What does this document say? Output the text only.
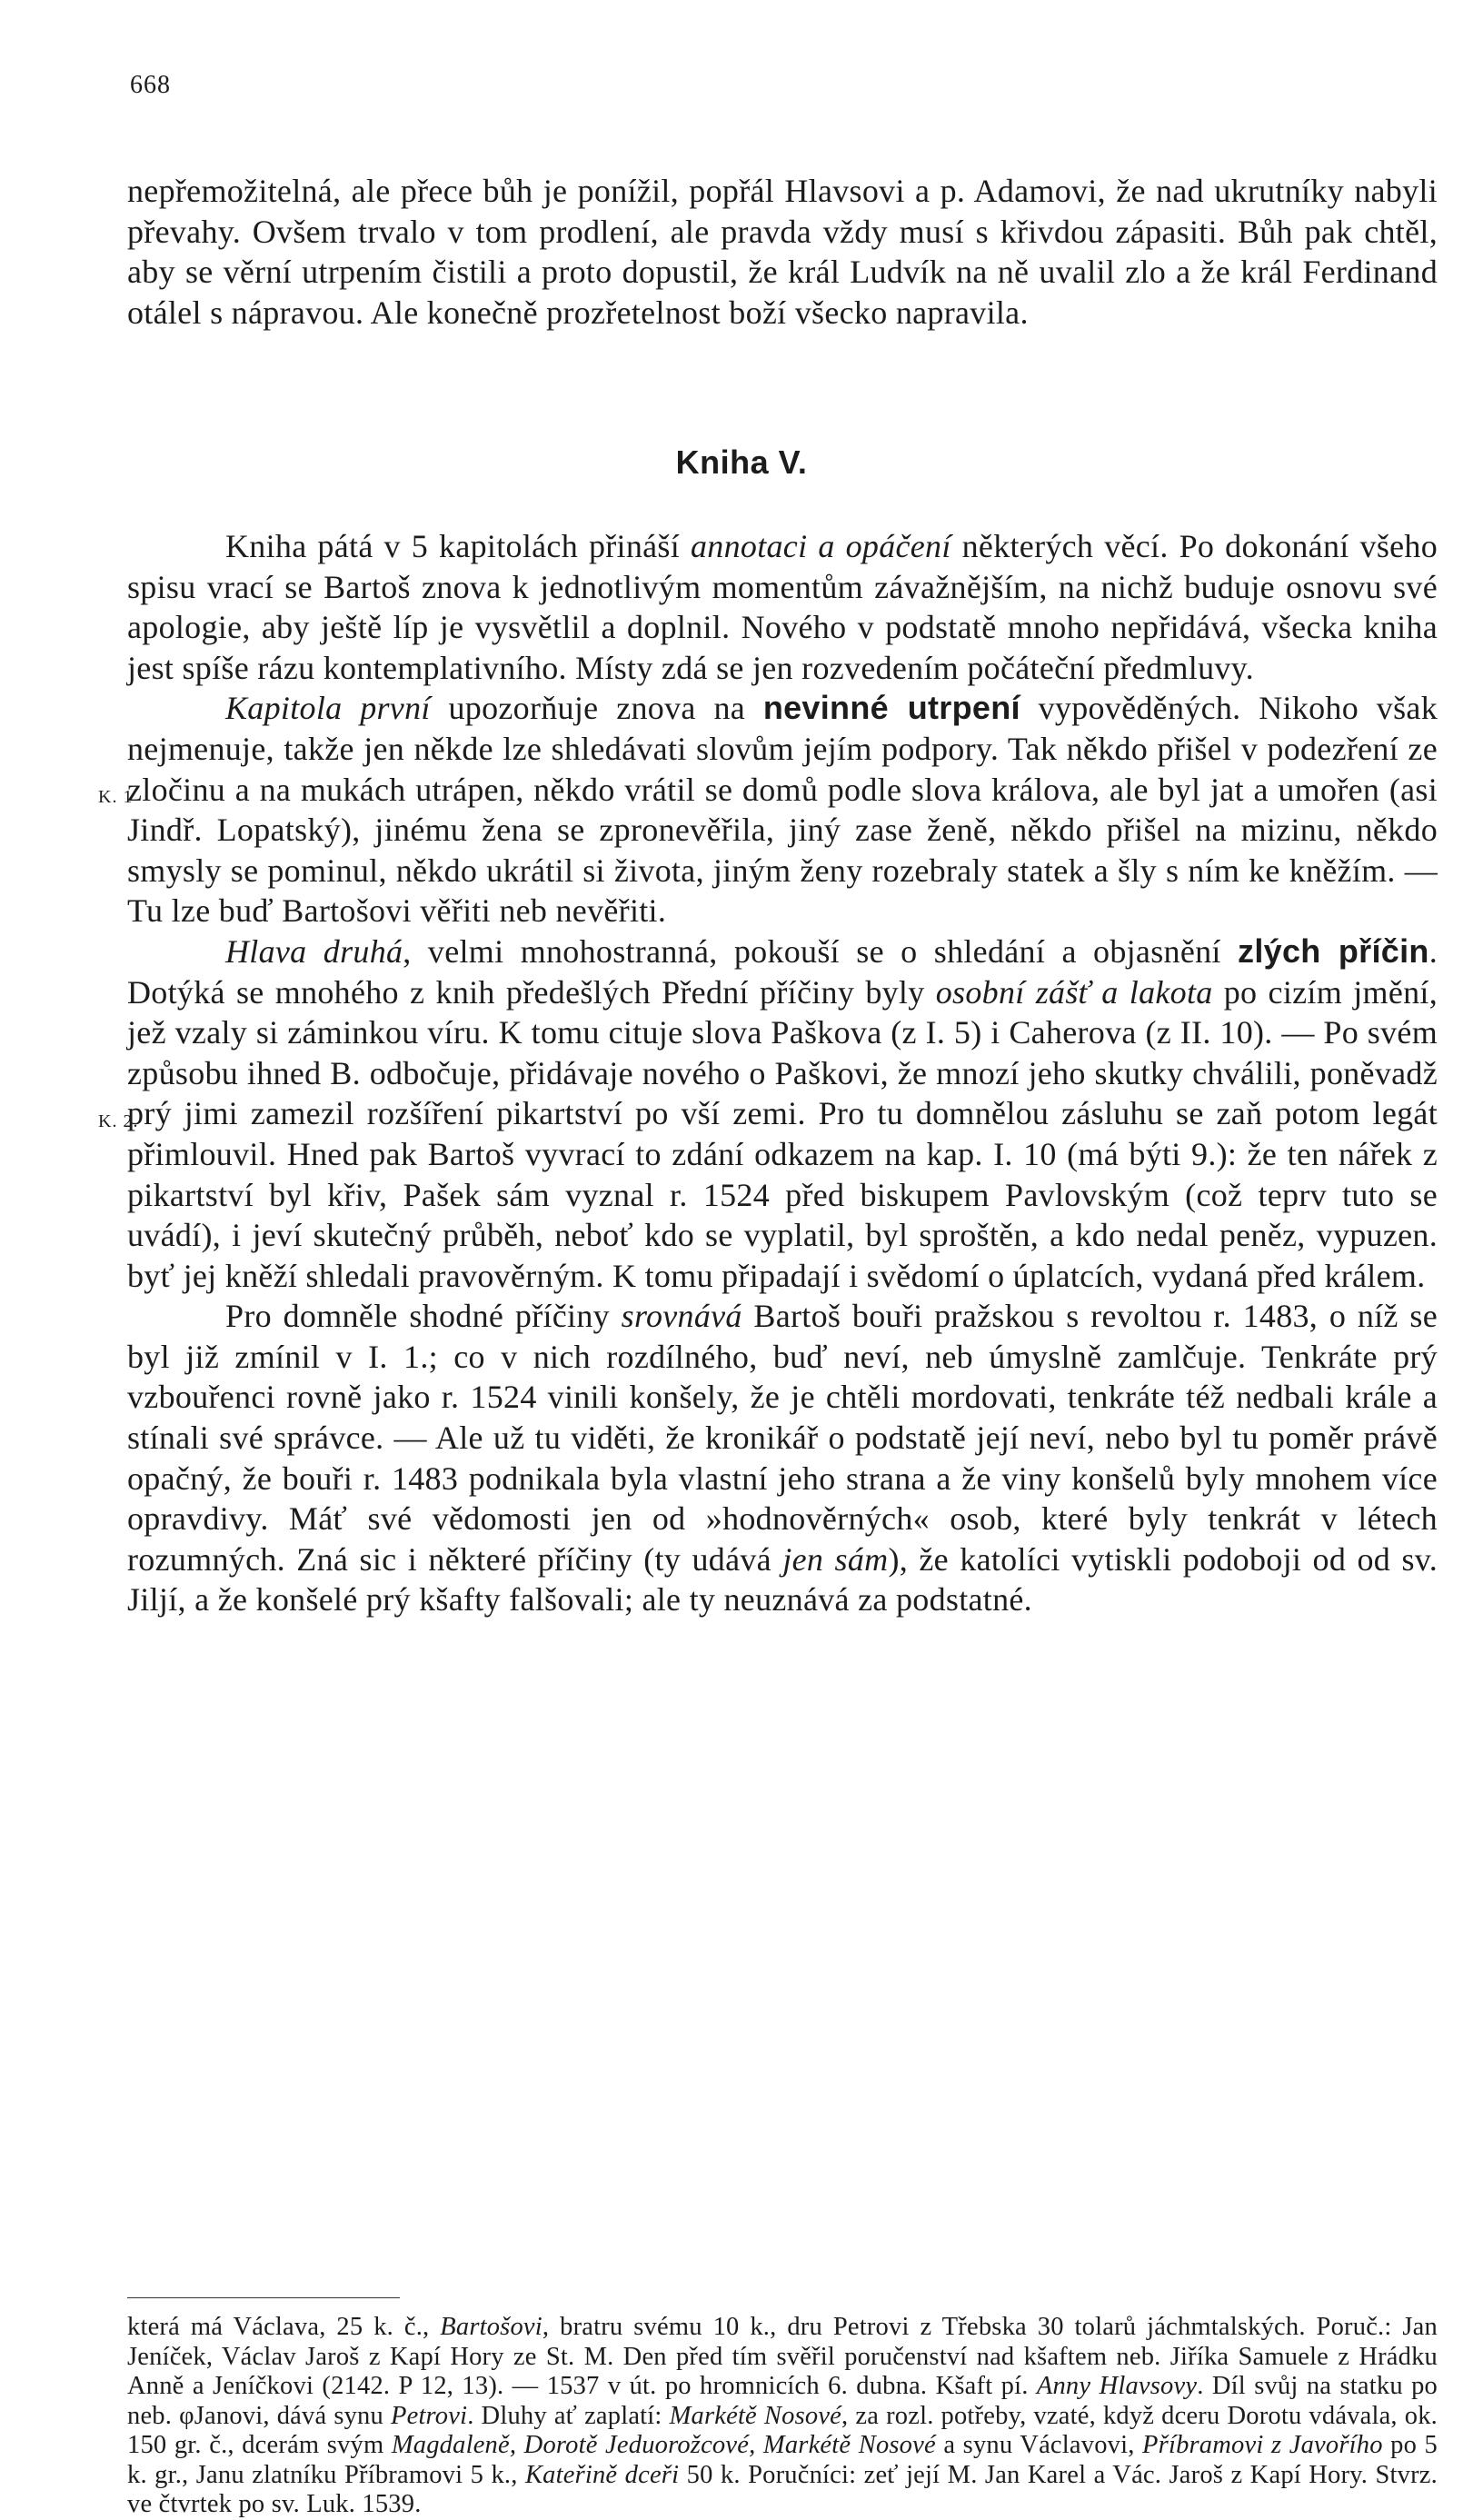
668

nepřemožitelná, ale přece bůh je ponížil, popřál Hlavsovi a p. Adamovi, že nad ukrutníky nabyli převahy. Ovšem trvalo v tom prodlení, ale pravda vždy musí s křivdou zápasiti. Bůh pak chtěl, aby se věrní utrpením čistili a proto dopustil, že král Ludvík na ně uvalil zlo a že král Ferdinand otálel s nápravou. Ale konečně prozřetelnost boží všecko napravila.

Kniha V.

Kniha pátá v 5 kapitolách přináší annotaci a opáčení některých věcí. Po dokonání všeho spisu vrací se Bartoš znova k jednotlivým momentům závažnějším, na nichž buduje osnovu své apologie, aby ještě líp je vysvětlil a doplnil. Nového v podstatě mnoho nepřidává, všecka kniha jest spíše rázu kontemplativního. Místy zdá se jen rozvedením počáteční předmluvy.

Kapitola první upozorňuje znova na nevinné utrpení vypověděných. Nikoho však nejmenuje, takže jen někde lze shledávati slovům jejím podpory. Tak někdo přišel v podezření ze zločinu a na mukách utrápen, někdo vrátil se domů podle slova králova, ale byl jat a umořen (asi Jindř. Lopatský), jinému žena se zpronevěřila, jiný zase ženě, někdo přišel na mizinu, někdo smysly se pominul, někdo ukrátil si života, jiným ženy rozebraly statek a šly s ním ke kněžím. — Tu lze buď Bartošovi věřiti neb nevěřiti.

Hlava druhá, velmi mnohostranná, pokouší se o shledání a objasnění zlých příčin. Dotýká se mnohého z knih předešlých Přední příčiny byly osobní zášť a lakota po cizím jmění, jež vzaly si záminkou víru. K tomu cituje slova Paškova (z I. 5) i Caherova (z II. 10). — Po svém způsobu ihned B. odbočuje, přidávaje nového o Paškovi, že mnozí jeho skutky chválili, poněvadž prý jimi zamezil rozšíření pikartství po vší zemi. Pro tu domnělou zásluhu se zaň potom legát přimlouvil. Hned pak Bartoš vyvrací to zdání odkazem na kap. I. 10 (má býti 9.): že ten nářek z pikartství byl křiv, Pašek sám vyznal r. 1524 před biskupem Pavlovským (což teprv tuto se uvádí), i jeví skutečný průběh, neboť kdo se vyplatil, byl sproštěn, a kdo nedal peněz, vypuzen. byť jej kněží shledali pravověrným. K tomu připadají i svědomí o úplatcích, vydaná před králem.

Pro domněle shodné příčiny srovnává Bartoš bouři pražskou s revoltou r. 1483, o níž se byl již zmínil v I. 1.; co v nich rozdílného, buď neví, neb úmyslně zamlčuje. Tenkráte prý vzbouřenci rovně jako r. 1524 vinili konšely, že je chtěli mordovati, tenkráte též nedbali krále a stínali své správce. — Ale už tu viděti, že kronikář o podstatě její neví, nebo byl tu poměr právě opačný, že bouři r. 1483 podnikala byla vlastní jeho strana a že viny konšelů byly mnohem více opravdivy. Máť své vědomosti jen od »hodnověrných« osob, které byly tenkrát v létech rozumných. Zná sic i některé příčiny (ty udává jen sám), že katolíci vytiskli podoboji od od sv. Jiljí, a že konšelé prý kšafty falšovali; ale ty neuznává za podstatné.

K. 1
K. 2.

která má Václava, 25 k. č., Bartošovi, bratru svému 10 k., dru Petrovi z Třebska 30 tolarů jáchmtalských. Poruč.: Jan Jeníček, Václav Jaroš z Kapí Hory ze St. M. Den před tím svěřil poručenství nad kšaftem neb. Jiříka Samuele z Hrádku Anně a Jeníčkovi (2142. P 12, 13). — 1537 v út. po hromnicích 6. dubna. Kšaft pí. Anny Hlavsovy. Díl svůj na statku po neb. φJanovi, dává synu Petrovi. Dluhy ať zaplatí: Markétě Nosové, za rozl. potřeby, vzaté, když dceru Dorotu vdávala, ok. 150 gr. č., dcerám svým Magdaleně, Dorotě Jeduorožcové, Markétě Nosové a synu Václavovi, Příbramovi z Javořího po 5 k. gr., Janu zlatníku Příbramovi 5 k., Kateřině dceři 50 k. Poručníci: zeť její M. Jan Karel a Vác. Jaroš z Kapí Hory. Stvrz. ve čtvrtek po sv. Luk. 1539.
